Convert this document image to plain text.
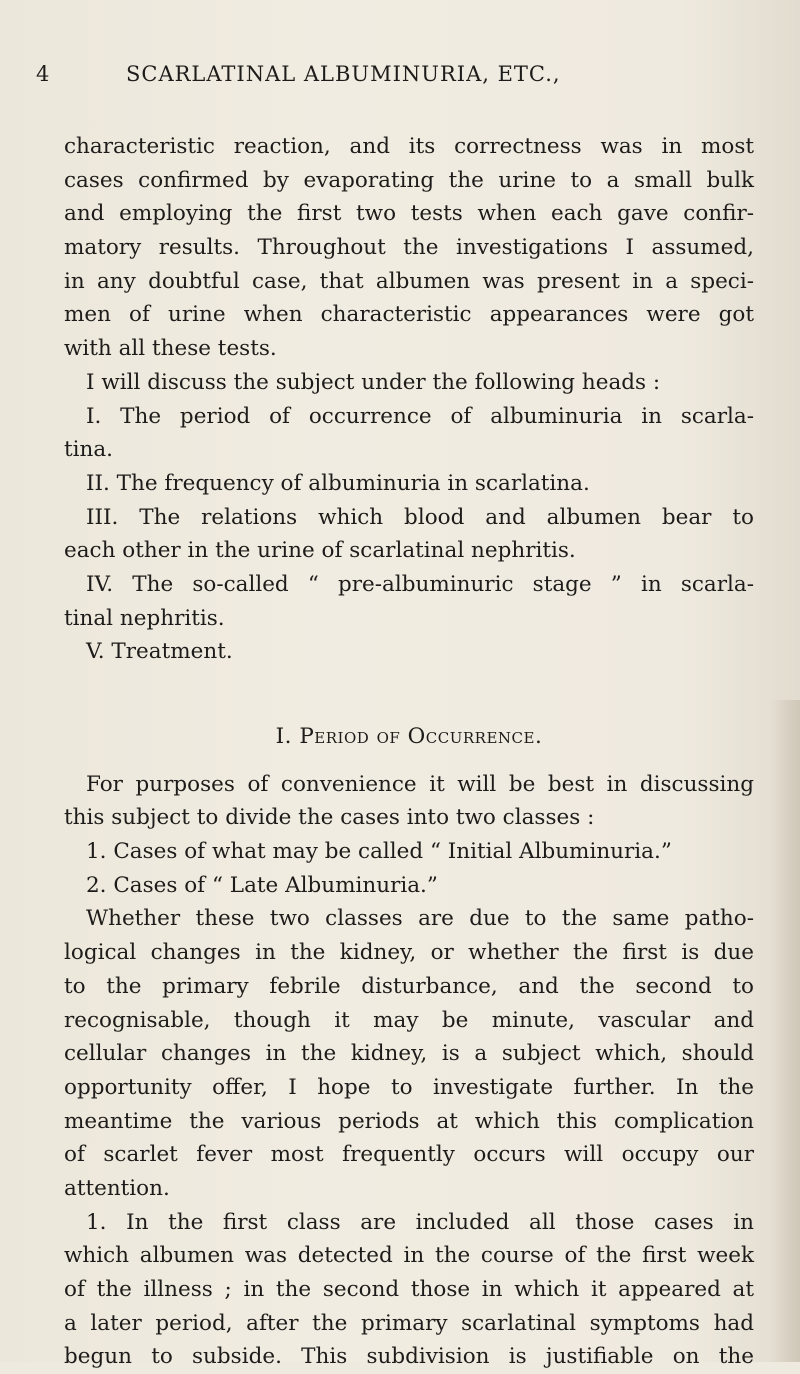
4	SCARLATINAL ALBUMINURIA, ETC.,
characteristic reaction, and its correctness was in most
cases confirmed by evaporating the urine to a small bulk
and employing the first two tests when each gave confir-
matory results. Throughout the investigations I assumed,
in any doubtful case, that albumen was present in a speci-
men of urine when characteristic appearances were got
with all these tests.
I will discuss the subject under the following heads :
I. The period of occurrence of albuminuria in scarla-
tina.
II. The frequency of albuminuria in scarlatina.
III. The relations which blood and albumen bear to
each other in the urine of scarlatinal nephritis.
IV. The so-called “ pre-albuminuric stage ” in scarla-
tinal nephritis.
V. Treatment.
I. Period of Occurrence.
For purposes of convenience it will be best in discussing
this subject to divide the cases into two classes :
1. Cases of what may be called “ Initial Albuminuria.”
2. Cases of “ Late Albuminuria.”
Whether these two classes are due to the same patho-
logical changes in the kidney, or whether the first is due
to the primary febrile disturbance, and the second to
recognisable, though it may be minute, vascular and
cellular changes in the kidney, is a subject which, should
opportunity offer, I hope to investigate further. In the
meantime the various periods at which this complication
of scarlet fever most frequently occurs will occupy our
attention.
1. In the first class are included all those cases in
which albumen was detected in the course of the first week
of the illness ; in the second those in which it appeared at
a later period, after the primary scarlatinal symptoms had
begun to subside. This subdivision is justifiable on the
